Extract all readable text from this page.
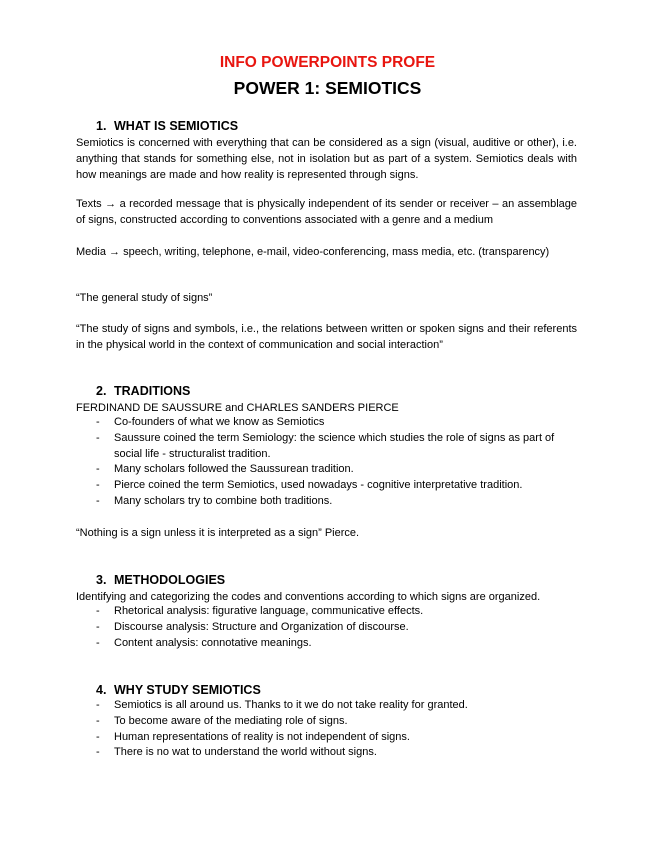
INFO POWERPOINTS PROFE
POWER 1: SEMIOTICS
1. WHAT IS SEMIOTICS
Semiotics is concerned with everything that can be considered as a sign (visual, auditive or other), i.e. anything that stands for something else, not in isolation but as part of a system. Semiotics deals with how meanings are made and how reality is represented through signs.
Texts → a recorded message that is physically independent of its sender or receiver – an assemblage of signs, constructed according to conventions associated with a genre and a medium
Media → speech, writing, telephone, e-mail, video-conferencing, mass media, etc. (transparency)
“The general study of signs”
“The study of signs and symbols, i.e., the relations between written or spoken signs and their referents in the physical world in the context of communication and social interaction”
2. TRADITIONS
FERDINAND DE SAUSSURE and CHARLES SANDERS PIERCE
- Co-founders of what we know as Semiotics
- Saussure coined the term Semiology: the science which studies the role of signs as part of social life - structuralist tradition.
- Many scholars followed the Saussurean tradition.
- Pierce coined the term Semiotics, used nowadays - cognitive interpretative tradition.
- Many scholars try to combine both traditions.
“Nothing is a sign unless it is interpreted as a sign” Pierce.
3. METHODOLOGIES
Identifying and categorizing the codes and conventions according to which signs are organized.
- Rhetorical analysis: figurative language, communicative effects.
- Discourse analysis: Structure and Organization of discourse.
- Content analysis: connotative meanings.
4. WHY STUDY SEMIOTICS
- Semiotics is all around us. Thanks to it we do not take reality for granted.
- To become aware of the mediating role of signs.
- Human representations of reality is not independent of signs.
- There is no wat to understand the world without signs.
